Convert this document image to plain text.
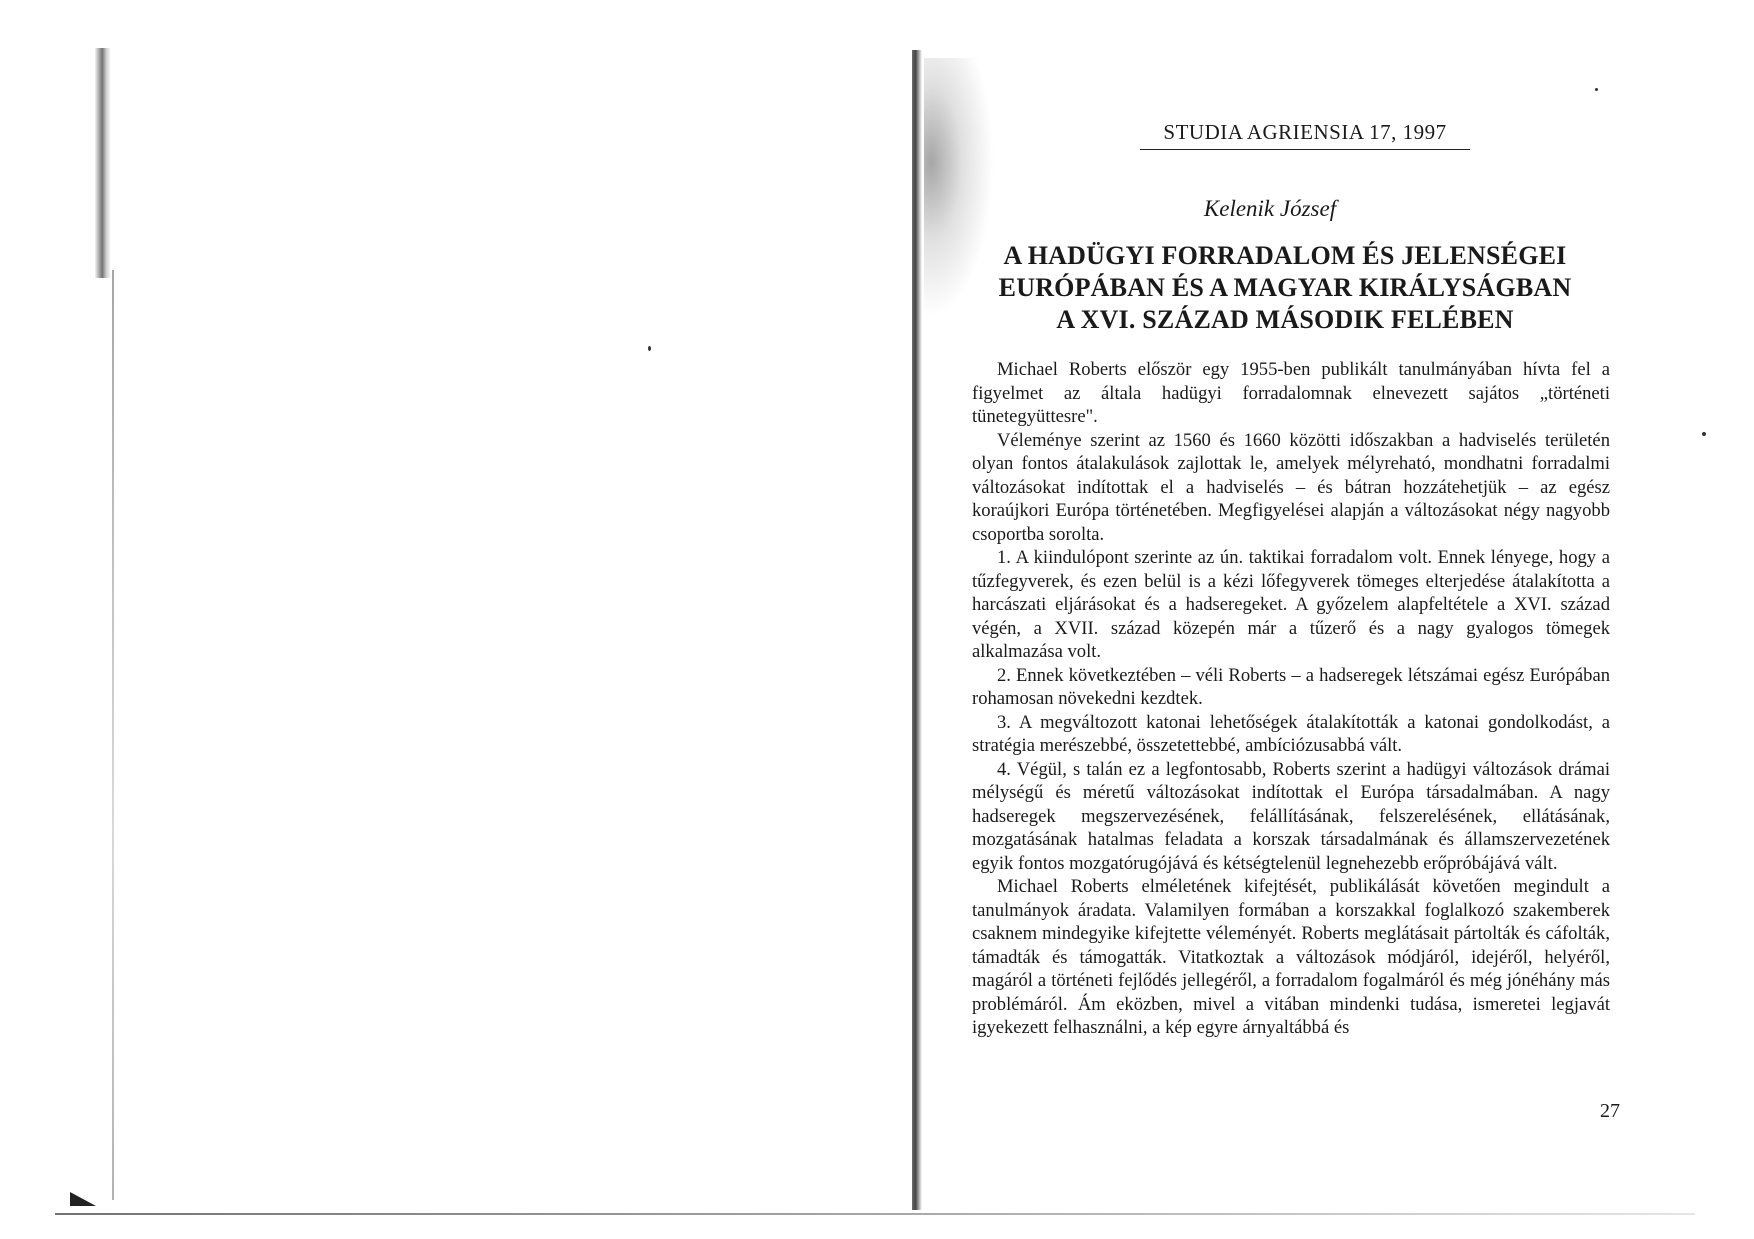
STUDIA AGRIENSIA 17, 1997
Kelenik József
A HADÜGYI FORRADALOM ÉS JELENSÉGEI
EURÓPÁBAN ÉS A MAGYAR KIRÁLYSÁGBAN
A XVI. SZÁZAD MÁSODIK FELÉBEN

Michael Roberts először egy 1955-ben publikált tanulmányában hívta fel a figyelmet az általa hadügyi forradalomnak elnevezett sajátos „történeti tünetegyüttesre".

Véleménye szerint az 1560 és 1660 közötti időszakban a hadviselés területén olyan fontos átalakulások zajlottak le, amelyek mélyreható, mondhatni forradalmi változásokat indítottak el a hadviselés – és bátran hozzátehetjük – az egész koraújkori Európa történetében. Megfigyelései alapján a változásokat négy nagyobb csoportba sorolta.

1. A kiindulópont szerinte az ún. taktikai forradalom volt. Ennek lényege, hogy a tűzfegyverek, és ezen belül is a kézi lőfegyverek tömeges elterjedése átalakította a harcászati eljárásokat és a hadseregeket. A győzelem alapfeltétele a XVI. század végén, a XVII. század közepén már a tűzerő és a nagy gyalogos tömegek alkalmazása volt.

2. Ennek következtében – véli Roberts – a hadseregek létszámai egész Európában rohamosan növekedni kezdtek.

3. A megváltozott katonai lehetőségek átalakították a katonai gondolkodást, a stratégia merészebbé, összetettebbé, ambíciózusabbá vált.

4. Végül, s talán ez a legfontosabb, Roberts szerint a hadügyi változások drámai mélységű és méretű változásokat indítottak el Európa társadalmában. A nagy hadseregek megszervezésének, felállításának, felszerelésének, ellátásának, mozgatásának hatalmas feladata a korszak társadalmának és államszervezetének egyik fontos mozgatórugójává és kétségtelenül legnehezebb erőpróbájává vált.

Michael Roberts elméletének kifejtését, publikálását követően megindult a tanulmányok áradata. Valamilyen formában a korszakkal foglalkozó szakemberek csaknem mindegyike kifejtette véleményét. Roberts meglátásait pártolták és cáfolták, támadták és támogatták. Vitatkoztak a változások módjáról, idejéről, helyéről, magáról a történeti fejlődés jellegéről, a forradalom fogalmáról és még jónéhány más problémáról. Ám eközben, mivel a vitában mindenki tudása, ismeretei legjavát igyekezett felhasználni, a kép egyre árnyaltábbá és

27
